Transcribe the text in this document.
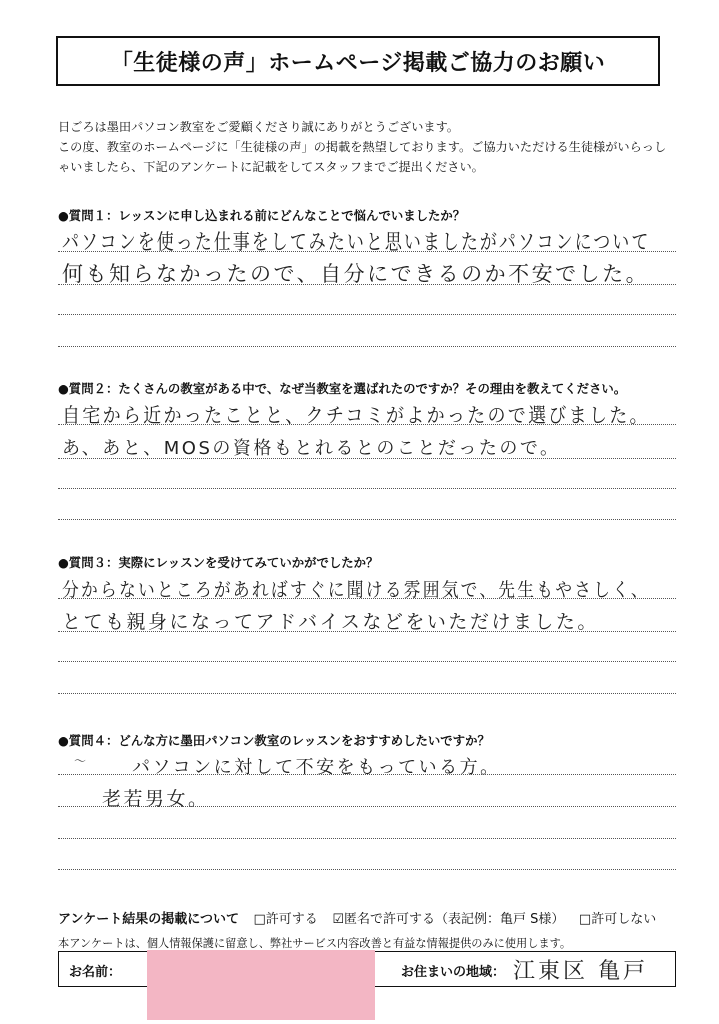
「生徒様の声」ホームページ掲載ご協力のお願い

日ごろは墨田パソコン教室をご愛顧くださり誠にありがとうございます。

この度、教室のホームページに「生徒様の声」の掲載を熱望しております。ご協力いただける生徒様がいらっし

ゃいましたら、下記のアンケートに記載をしてスタッフまでご提出ください。

●質問１：レッスンに申し込まれる前にどんなことで悩んでいましたか？
パソコンを使った仕事をしてみたいと思いましたがパソコンについて
何も知らなかったので、自分にできるのか不安でした。
●質問２：たくさんの教室がある中で、なぜ当教室を選ばれたのですか？その理由を教えてください。
自宅から近かったことと、クチコミがよかったので選びました。
あ、あと、MOSの資格もとれるとのことだったので。
●質問３：実際にレッスンを受けてみていかがでしたか？
分からないところがあればすぐに聞ける雰囲気で、先生もやさしく、
とても親身になってアドバイスなどをいただけました。
●質問４：どんな方に墨田パソコン教室のレッスンをおすすめしたいですか？
〜	パソコンに対して不安をもっている方。
老若男女。
アンケート結果の掲載について □許可する ☑匿名で許可する（表記例：亀戸 S様） □許可しない
本アンケートは、個人情報保護に留意し、弊社サービス内容改善と有益な情報提供のみに使用します。
お名前：	お住まいの地域： 江東区 亀戸
